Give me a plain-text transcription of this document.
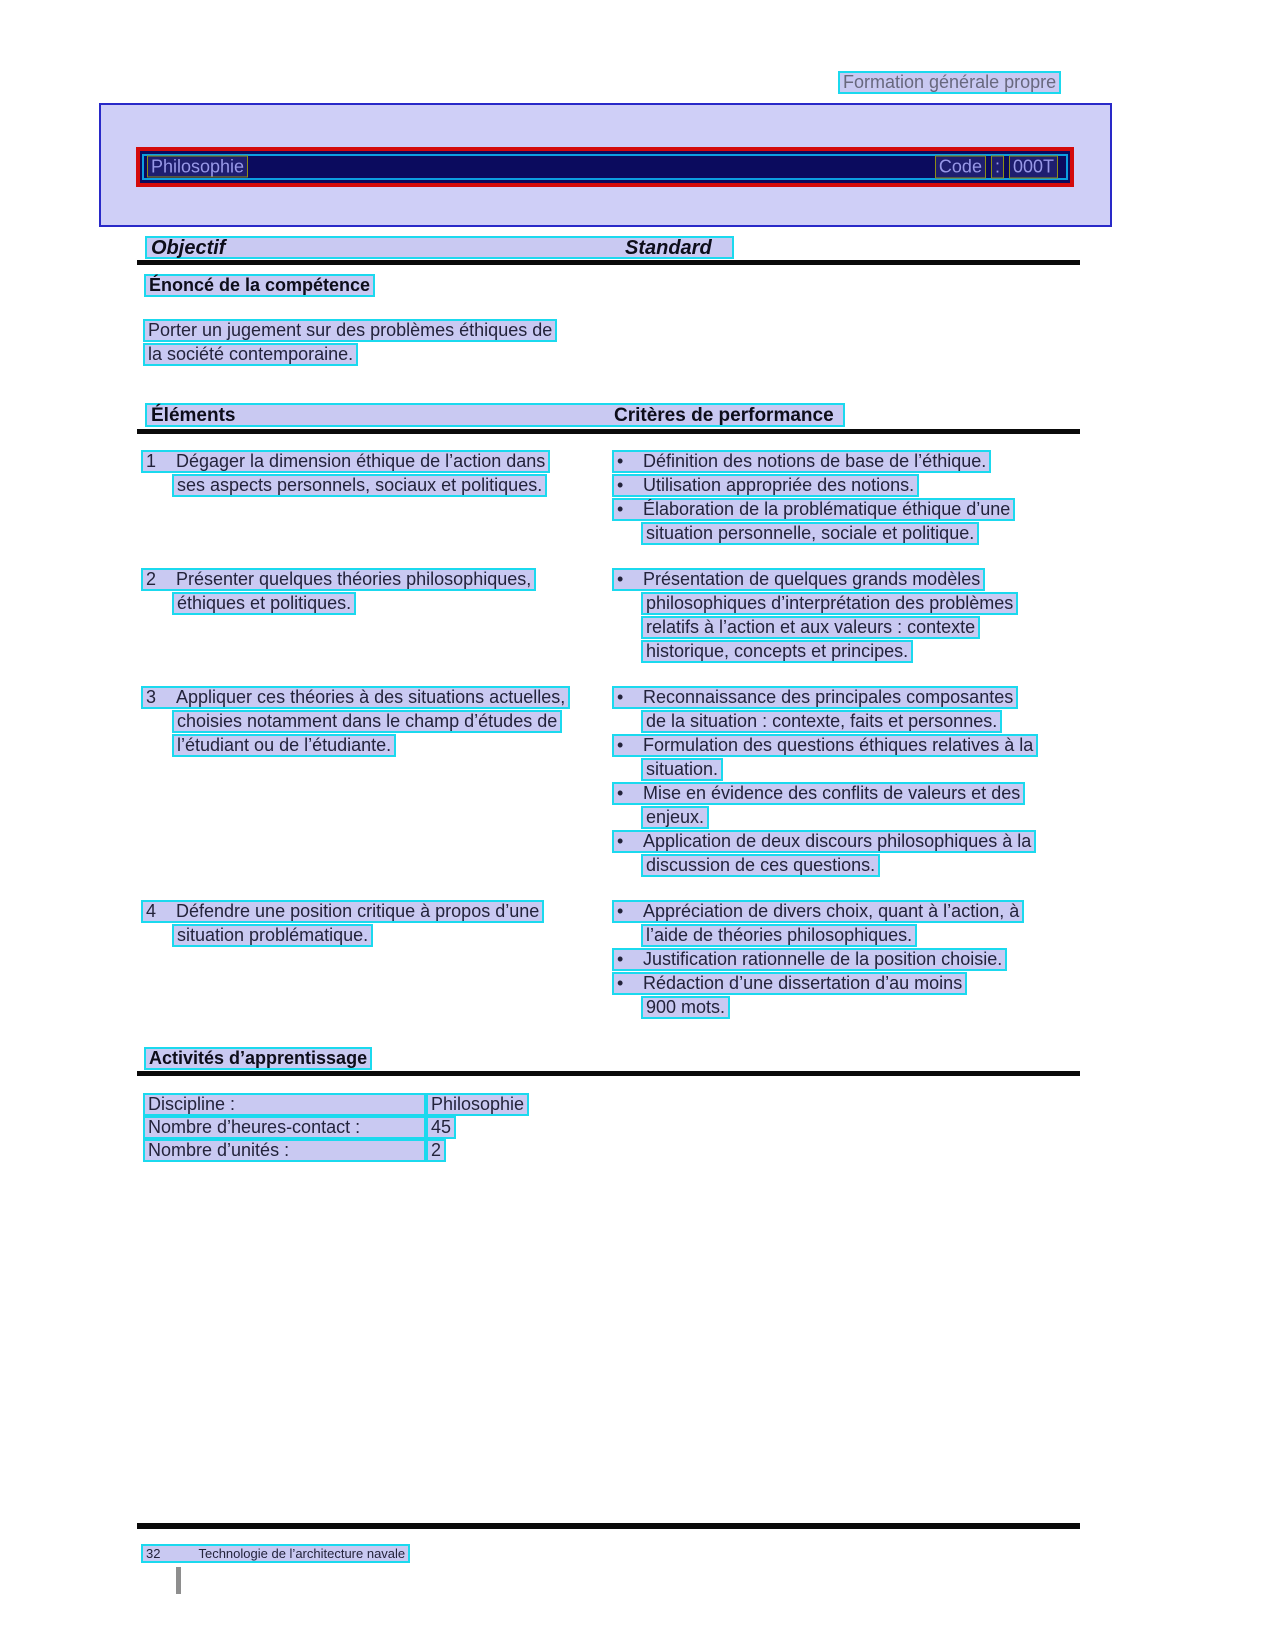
Formation générale propre
Philosophie	Code : 000T
Objectif	Standard
Énoncé de la compétence
Porter un jugement sur des problèmes éthiques de
la société contemporaine.
Éléments	Critères de performance
1 Dégager la dimension éthique de l’action dans
ses aspects personnels, sociaux et politiques.
• Définition des notions de base de l’éthique.
• Utilisation appropriée des notions.
• Élaboration de la problématique éthique d’une
situation personnelle, sociale et politique.
2 Présenter quelques théories philosophiques,
éthiques et politiques.
• Présentation de quelques grands modèles
philosophiques d’interprétation des problèmes
relatifs à l’action et aux valeurs : contexte
historique, concepts et principes.
3 Appliquer ces théories à des situations actuelles,
choisies notamment dans le champ d’études de
l’étudiant ou de l’étudiante.
• Reconnaissance des principales composantes
de la situation : contexte, faits et personnes.
• Formulation des questions éthiques relatives à la
situation.
• Mise en évidence des conflits de valeurs et des
enjeux.
• Application de deux discours philosophiques à la
discussion de ces questions.
4 Défendre une position critique à propos d’une
situation problématique.
• Appréciation de divers choix, quant à l’action, à
l’aide de théories philosophiques.
• Justification rationnelle de la position choisie.
• Rédaction d’une dissertation d’au moins
900 mots.
Activités d’apprentissage
Discipline :	Philosophie
Nombre d’heures-contact :	45
Nombre d’unités :	2
32	Technologie de l’architecture navale
